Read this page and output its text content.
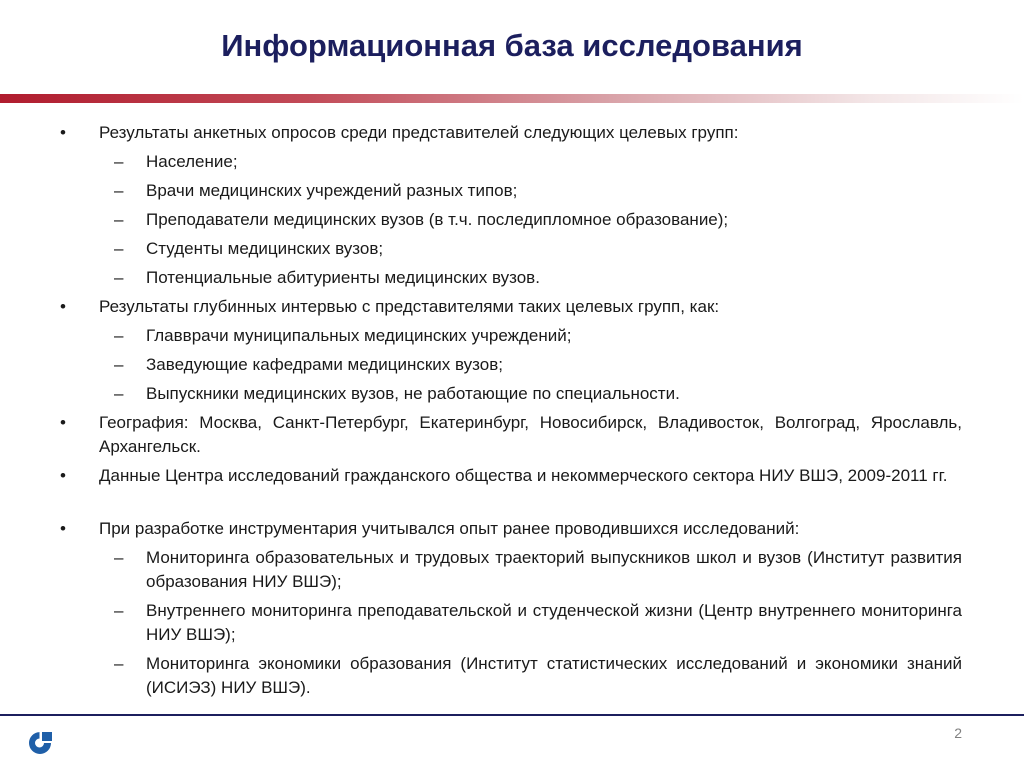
Информационная база исследования
• Результаты анкетных опросов среди представителей следующих целевых групп:
– Население;
– Врачи медицинских учреждений разных типов;
– Преподаватели медицинских вузов (в т.ч. последипломное образование);
– Студенты медицинских вузов;
– Потенциальные абитуриенты медицинских вузов.
• Результаты глубинных интервью с представителями таких целевых групп, как:
– Главврачи муниципальных медицинских учреждений;
– Заведующие кафедрами медицинских вузов;
– Выпускники медицинских вузов, не работающие по специальности.
• География: Москва, Санкт-Петербург, Екатеринбург, Новосибирск, Владивосток, Волгоград, Ярославль, Архангельск.
• Данные Центра исследований гражданского общества и некоммерческого сектора НИУ ВШЭ, 2009-2011 гг.
• При разработке инструментария учитывался опыт ранее проводившихся исследований:
– Мониторинга образовательных и трудовых траекторий выпускников школ и вузов (Институт развития образования НИУ ВШЭ);
– Внутреннего мониторинга преподавательской и студенческой жизни (Центр внутреннего мониторинга НИУ ВШЭ);
– Мониторинга экономики образования (Институт статистических исследований и экономики знаний (ИСИЭЗ) НИУ ВШЭ).
2
